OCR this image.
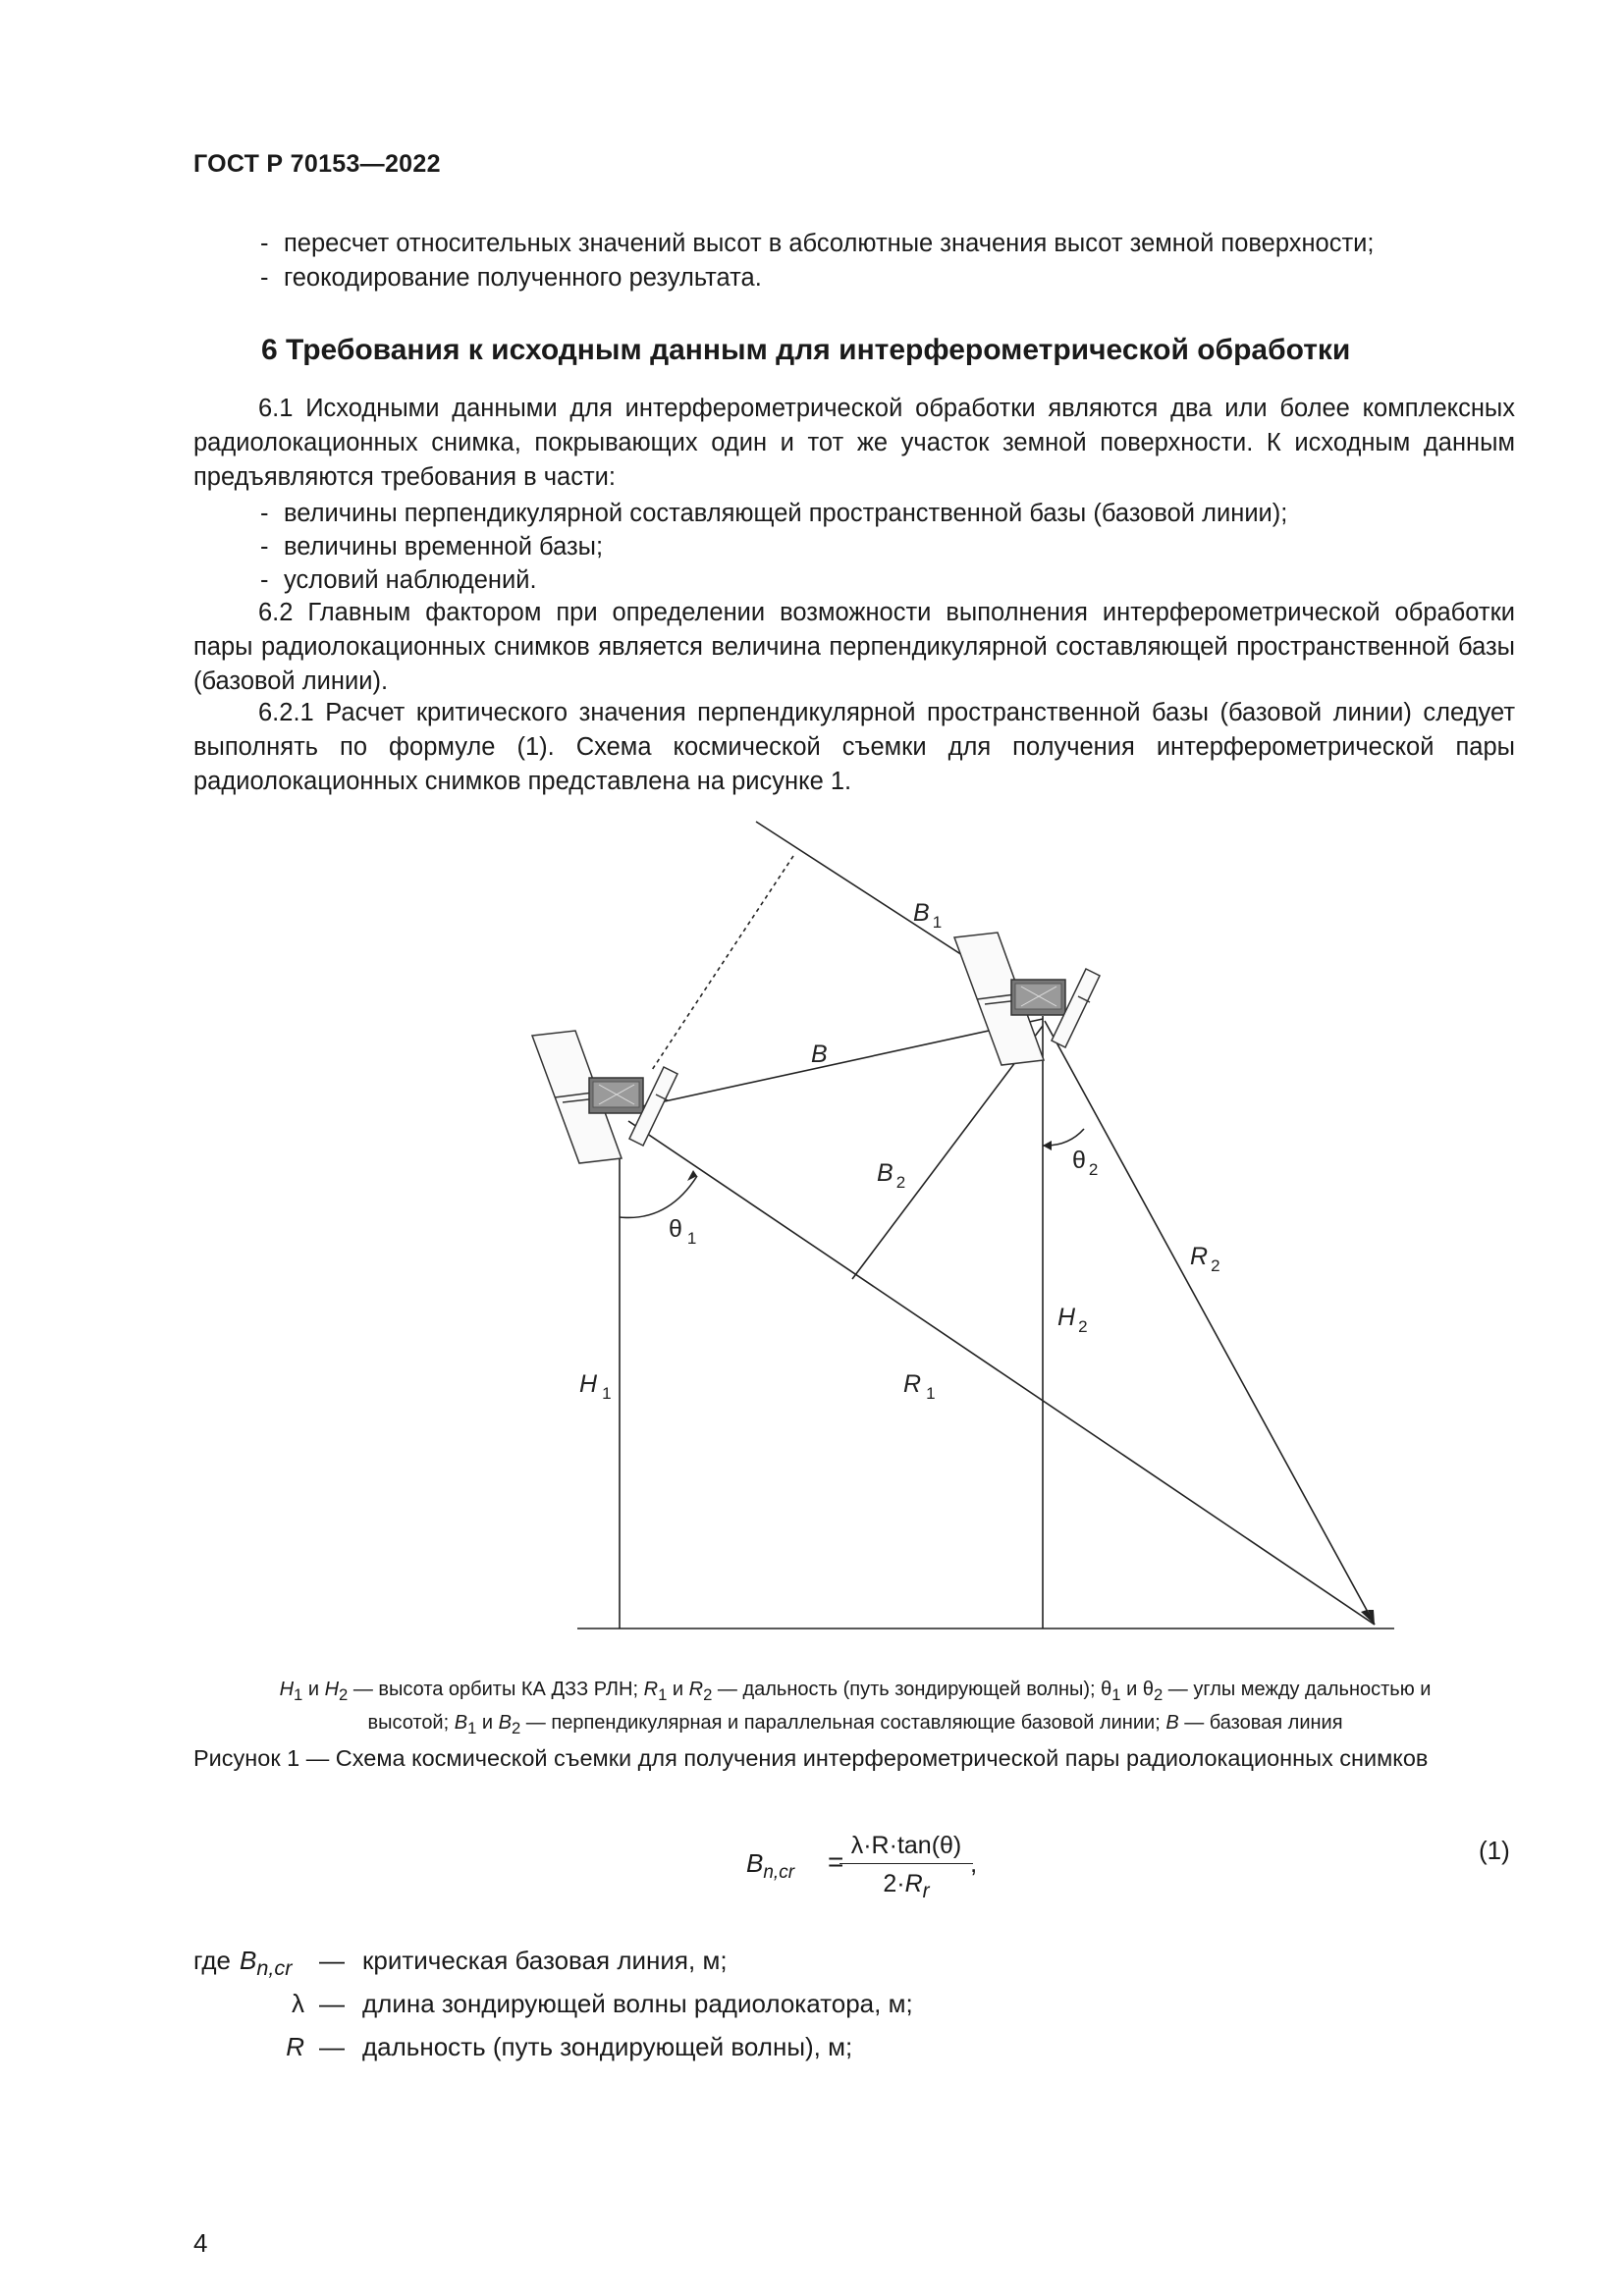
ГОСТ Р 70153—2022
- пересчет относительных значений высот в абсолютные значения высот земной поверхности;
- геокодирование полученного результата.
6 Требования к исходным данным для интерферометрической обработки
6.1 Исходными данными для интерферометрической обработки являются два или более комплексных радиолокационных снимка, покрывающих один и тот же участок земной поверхности. К исходным данным предъявляются требования в части:
- величины перпендикулярной составляющей пространственной базы (базовой линии);
- величины временной базы;
- условий наблюдений.
6.2 Главным фактором при определении возможности выполнения интерферометрической обработки пары радиолокационных снимков является величина перпендикулярной составляющей пространственной базы (базовой линии).
6.2.1 Расчет критического значения перпендикулярной пространственной базы (базовой линии) следует выполнять по формуле (1). Схема космической съемки для получения интерферометрической пары радиолокационных снимков представлена на рисунке 1.
B $_1$
B
B $_2$
θ $_1$
θ $_2$
R $_2$
H $_2$
H $_1$	R $_1$
$H_1$ и $H_2$ — высота орбиты КА ДЗЗ РЛН; $R_1$ и $R_2$ — дальность (путь зондирующей волны); $\theta_1$ и $\theta_2$ — углы между дальностью и
высотой; $B_1$ и $B_2$ — перпендикулярная и параллельная составляющие базовой линии; B — базовая линия
Рисунок 1 — Схема космической съемки для получения интерферометрической пары радиолокационных снимков
$B_{n,cr}$ =
$\frac{\lambda\cdot R\cdot\tan(\theta)}{2\cdot R_r}$
,	(1)
где $B_{n,cr}$	— критическая базовая линия, м;
λ — длина зондирующей волны радиолокатора, м;
R — дальность (путь зондирующей волны), м;
4
